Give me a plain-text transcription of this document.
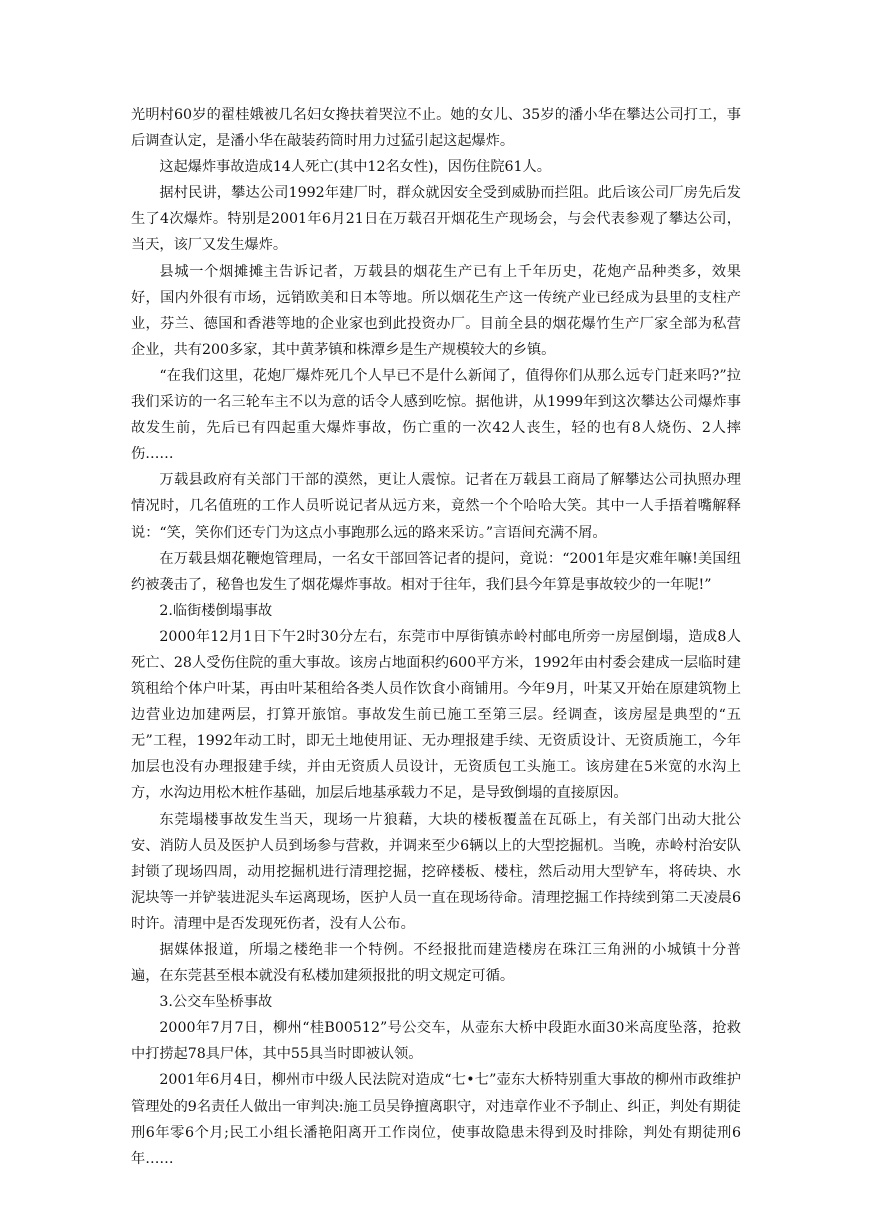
光明村60岁的翟桂娥被几名妇女搀扶着哭泣不止。她的女儿、35岁的潘小华在攀达公司打工，事后调查认定，是潘小华在敲装药筒时用力过猛引起这起爆炸。

这起爆炸事故造成14人死亡(其中12名女性)，因伤住院61人。

据村民讲，攀达公司1992年建厂时，群众就因安全受到威胁而拦阻。此后该公司厂房先后发生了4次爆炸。特别是2001年6月21日在万载召开烟花生产现场会，与会代表参观了攀达公司，当天，该厂又发生爆炸。

县城一个烟摊摊主告诉记者，万载县的烟花生产已有上千年历史，花炮产品种类多，效果好，国内外很有市场，远销欧美和日本等地。所以烟花生产这一传统产业已经成为县里的支柱产业，芬兰、德国和香港等地的企业家也到此投资办厂。目前全县的烟花爆竹生产厂家全部为私营企业，共有200多家，其中黄茅镇和株潭乡是生产规模较大的乡镇。

“在我们这里，花炮厂爆炸死几个人早已不是什么新闻了，值得你们从那么远专门赶来吗?”拉我们采访的一名三轮车主不以为意的话令人感到吃惊。据他讲，从1999年到这次攀达公司爆炸事故发生前，先后已有四起重大爆炸事故，伤亡重的一次42人丧生，轻的也有8人烧伤、2人摔伤……

万载县政府有关部门干部的漠然，更让人震惊。记者在万载县工商局了解攀达公司执照办理情况时，几名值班的工作人员听说记者从远方来，竟然一个个哈哈大笑。其中一人手捂着嘴解释说：“笑，笑你们还专门为这点小事跑那么远的路来采访。”言语间充满不屑。

在万载县烟花鞭炮管理局，一名女干部回答记者的提问，竟说：“2001年是灾难年嘛!美国纽约被袭击了，秘鲁也发生了烟花爆炸事故。相对于往年，我们县今年算是事故较少的一年呢!”

2.临街楼倒塌事故

2000年12月1日下午2时30分左右，东莞市中厚街镇赤岭村邮电所旁一房屋倒塌，造成8人死亡、28人受伤住院的重大事故。该房占地面积约600平方米，1992年由村委会建成一层临时建筑租给个体户叶某，再由叶某租给各类人员作饮食小商铺用。今年9月，叶某又开始在原建筑物上边营业边加建两层，打算开旅馆。事故发生前已施工至第三层。经调查，该房屋是典型的“五无”工程，1992年动工时，即无土地使用证、无办理报建手续、无资质设计、无资质施工，今年加层也没有办理报建手续，并由无资质人员设计，无资质包工头施工。该房建在5米宽的水沟上方，水沟边用松木桩作基础，加层后地基承载力不足，是导致倒塌的直接原因。

东莞塌楼事故发生当天，现场一片狼藉，大块的楼板覆盖在瓦砾上，有关部门出动大批公安、消防人员及医护人员到场参与营救，并调来至少6辆以上的大型挖掘机。当晚，赤岭村治安队封锁了现场四周，动用挖掘机进行清理挖掘，挖碎楼板、楼柱，然后动用大型铲车，将砖块、水泥块等一并铲装进泥头车运离现场，医护人员一直在现场待命。清理挖掘工作持续到第二天凌晨6时许。清理中是否发现死伤者，没有人公布。

据媒体报道，所塌之楼绝非一个特例。不经报批而建造楼房在珠江三角洲的小城镇十分普遍，在东莞甚至根本就没有私楼加建须报批的明文规定可循。

3.公交车坠桥事故

2000年7月7日，柳州“桂B00512”号公交车，从壶东大桥中段距水面30米高度坠落，抢救中打捞起78具尸体，其中55具当时即被认领。

2001年6月4日，柳州市中级人民法院对造成“七•七”壶东大桥特别重大事故的柳州市政维护管理处的9名责任人做出一审判决:施工员吴铮擅离职守，对违章作业不予制止、纠正，判处有期徒刑6年零6个月;民工小组长潘艳阳离开工作岗位，使事故隐患未得到及时排除，判处有期徒刑6年……
